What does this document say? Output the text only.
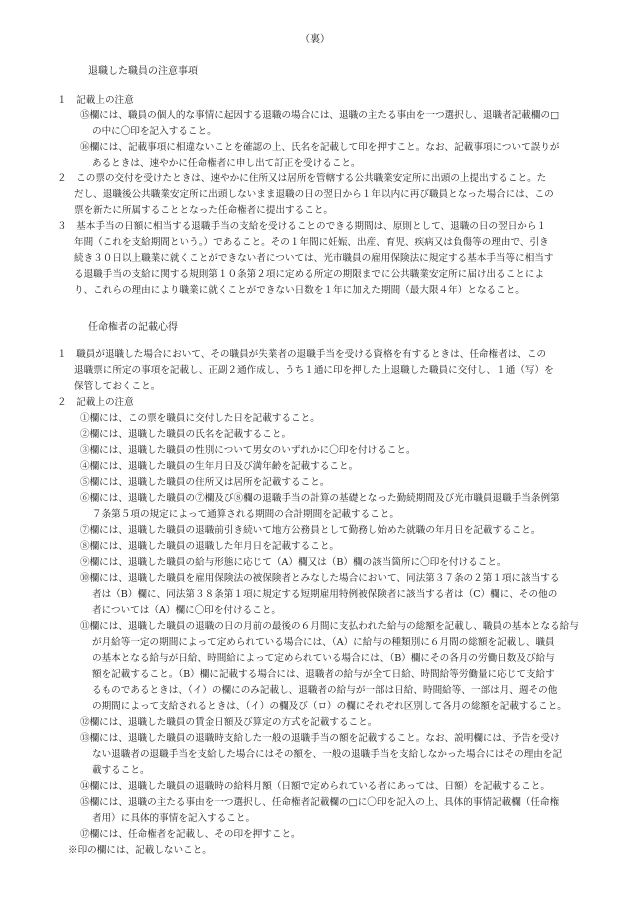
（裏）
退職した職員の注意事項
１　記載上の注意
⑮欄には、職員の個人的な事情に起因する退職の場合には、退職の主たる事由を一つ選択し、退職者記載欄の□
の中に〇印を記入すること。
⑯欄には、記載事項に相違ないことを確認の上、氏名を記載して印を押すこと。なお、記載事項について誤りが
あるときは、速やかに任命権者に申し出て訂正を受けること。
２　この票の交付を受けたときは、速やかに住所又は居所を管轄する公共職業安定所に出頭の上提出すること。た
だし、退職後公共職業安定所に出頭しないまま退職の日の翌日から１年以内に再び職員となった場合には、この
票を新たに所属することとなった任命権者に提出すること。
３　基本手当の日額に相当する退職手当の支給を受けることのできる期間は、原則として、退職の日の翌日から１
年間（これを支給期間という。）であること。その１年間に妊娠、出産、育児、疾病又は負傷等の理由で、引き
続き３０日以上職業に就くことができない者については、光市職員の雇用保険法に規定する基本手当等に相当す
る退職手当の支給に関する規則第１０条第２項に定める所定の期限までに公共職業安定所に届け出ることによ
り、これらの理由により職業に就くことができない日数を１年に加えた期間（最大限４年）となること。
任命権者の記載心得
１　職員が退職した場合において、その職員が失業者の退職手当を受ける資格を有するときは、任命権者は、この
退職票に所定の事項を記載し、正副２通作成し、うち１通に印を押した上退職した職員に交付し、１通（写）を
保管しておくこと。
２　記載上の注意
①欄には、この票を職員に交付した日を記載すること。
②欄には、退職した職員の氏名を記載すること。
③欄には、退職した職員の性別について男女のいずれかに〇印を付けること。
④欄には、退職した職員の生年月日及び満年齢を記載すること。
⑤欄には、退職した職員の住所又は居所を記載すること。
⑥欄には、退職した職員の⑦欄及び⑧欄の退職手当の計算の基礎となった勤続期間及び光市職員退職手当条例第
７条第５項の規定によって通算される期間の合計期間を記載すること。
⑦欄には、退職した職員の退職前引き続いて地方公務員として勤務し始めた就職の年月日を記載すること。
⑧欄には、退職した職員の退職した年月日を記載すること。
⑨欄には、退職した職員の給与形態に応じて（A）欄又は（B）欄の該当箇所に〇印を付けること。
⑩欄には、退職した職員を雇用保険法の被保険者とみなした場合において、同法第３７条の２第１項に該当する
者は（B）欄に、同法第３８条第１項に規定する短期雇用特例被保険者に該当する者は（C）欄に、その他の
者については（A）欄に〇印を付けること。
⑪欄には、退職した職員の退職の日の月前の最後の６月間に支払われた給与の総額を記載し、職員の基本となる給与
が月給等一定の期間によって定められている場合には、（A）に給与の種類別に６月間の総額を記載し、職員
の基本となる給与が日給、時間給によって定められている場合には、（B）欄にその各月の労働日数及び給与
額を記載すること。（B）欄に記載する場合には、退職者の給与が全て日給、時間給等労働量に応じて支給す
るものであるときは、（イ）の欄にのみ記載し、退職者の給与が一部は日給、時間給等、一部は月、週その他
の期間によって支給されるときは、（イ）の欄及び（ロ）の欄にそれぞれ区別して各月の総額を記載すること。
⑫欄には、退職した職員の賃金日額及び算定の方式を記載すること。
⑬欄には、退職した職員の退職時支給した一般の退職手当の額を記載すること。なお、説明欄には、予告を受け
ない退職者の退職手当を支給した場合にはその額を、一般の退職手当を支給しなかった場合にはその理由を記
載すること。
⑭欄には、退職した職員の退職時の給料月額（日額で定められている者にあっては、日額）を記載すること。
⑮欄には、退職の主たる事由を一つ選択し、任命権者記載欄の□に〇印を記入の上、具体的事情記載欄（任命権
者用）に具体的事情を記入すること。
⑰欄には、任命権者を記載し、その印を押すこと。
※印の欄には、記載しないこと。
